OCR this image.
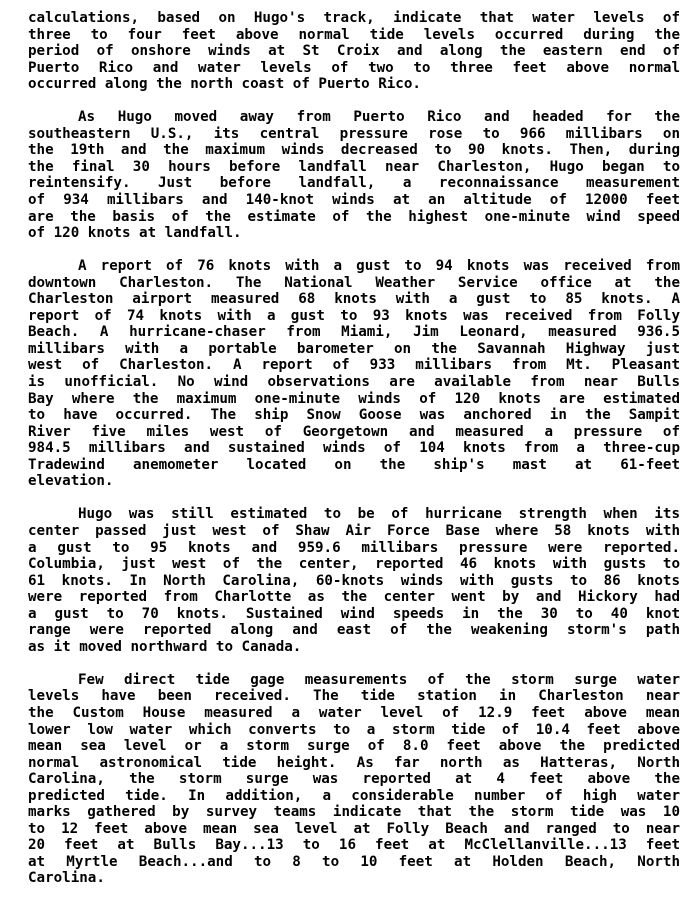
calculations, based on Hugo's track, indicate that water levels of
three to four feet above normal tide levels occurred during the
period of onshore winds at St Croix and along the eastern end of
Puerto Rico and water levels of two to three feet above normal
occurred along the north coast of Puerto Rico.
As Hugo moved away from Puerto Rico and headed for the
southeastern U.S., its central pressure rose to 966 millibars on
the 19th and the maximum winds decreased to 90 knots. Then, during
the final 30 hours before landfall near Charleston, Hugo began to
reintensify. Just before landfall, a reconnaissance measurement
of 934 millibars and 140-knot winds at an altitude of 12000 feet
are the basis of the estimate of the highest one-minute wind speed
of 120 knots at landfall.
A report of 76 knots with a gust to 94 knots was received from
downtown Charleston. The National Weather Service office at the
Charleston airport measured 68 knots with a gust to 85 knots. A
report of 74 knots with a gust to 93 knots was received from Folly
Beach. A hurricane-chaser from Miami, Jim Leonard, measured 936.5
millibars with a portable barometer on the Savannah Highway just
west of Charleston. A report of 933 millibars from Mt. Pleasant
is unofficial. No wind observations are available from near Bulls
Bay where the maximum one-minute winds of 120 knots are estimated
to have occurred. The ship Snow Goose was anchored in the Sampit
River five miles west of Georgetown and measured a pressure of
984.5 millibars and sustained winds of 104 knots from a three-cup
Tradewind anemometer located on the ship's mast at 61-feet
elevation.
Hugo was still estimated to be of hurricane strength when its
center passed just west of Shaw Air Force Base where 58 knots with
a gust to 95 knots and 959.6 millibars pressure were reported.
Columbia, just west of the center, reported 46 knots with gusts to
61 knots. In North Carolina, 60-knots winds with gusts to 86 knots
were reported from Charlotte as the center went by and Hickory had
a gust to 70 knots. Sustained wind speeds in the 30 to 40 knot
range were reported along and east of the weakening storm's path
as it moved northward to Canada.
Few direct tide gage measurements of the storm surge water
levels have been received. The tide station in Charleston near
the Custom House measured a water level of 12.9 feet above mean
lower low water which converts to a storm tide of 10.4 feet above
mean sea level or a storm surge of 8.0 feet above the predicted
normal astronomical tide height. As far north as Hatteras, North
Carolina, the storm surge was reported at 4 feet above the
predicted tide. In addition, a considerable number of high water
marks gathered by survey teams indicate that the storm tide was 10
to 12 feet above mean sea level at Folly Beach and ranged to near
20 feet at Bulls Bay...13 to 16 feet at McClellanville...13 feet
at Myrtle Beach...and to 8 to 10 feet at Holden Beach, North
Carolina.
